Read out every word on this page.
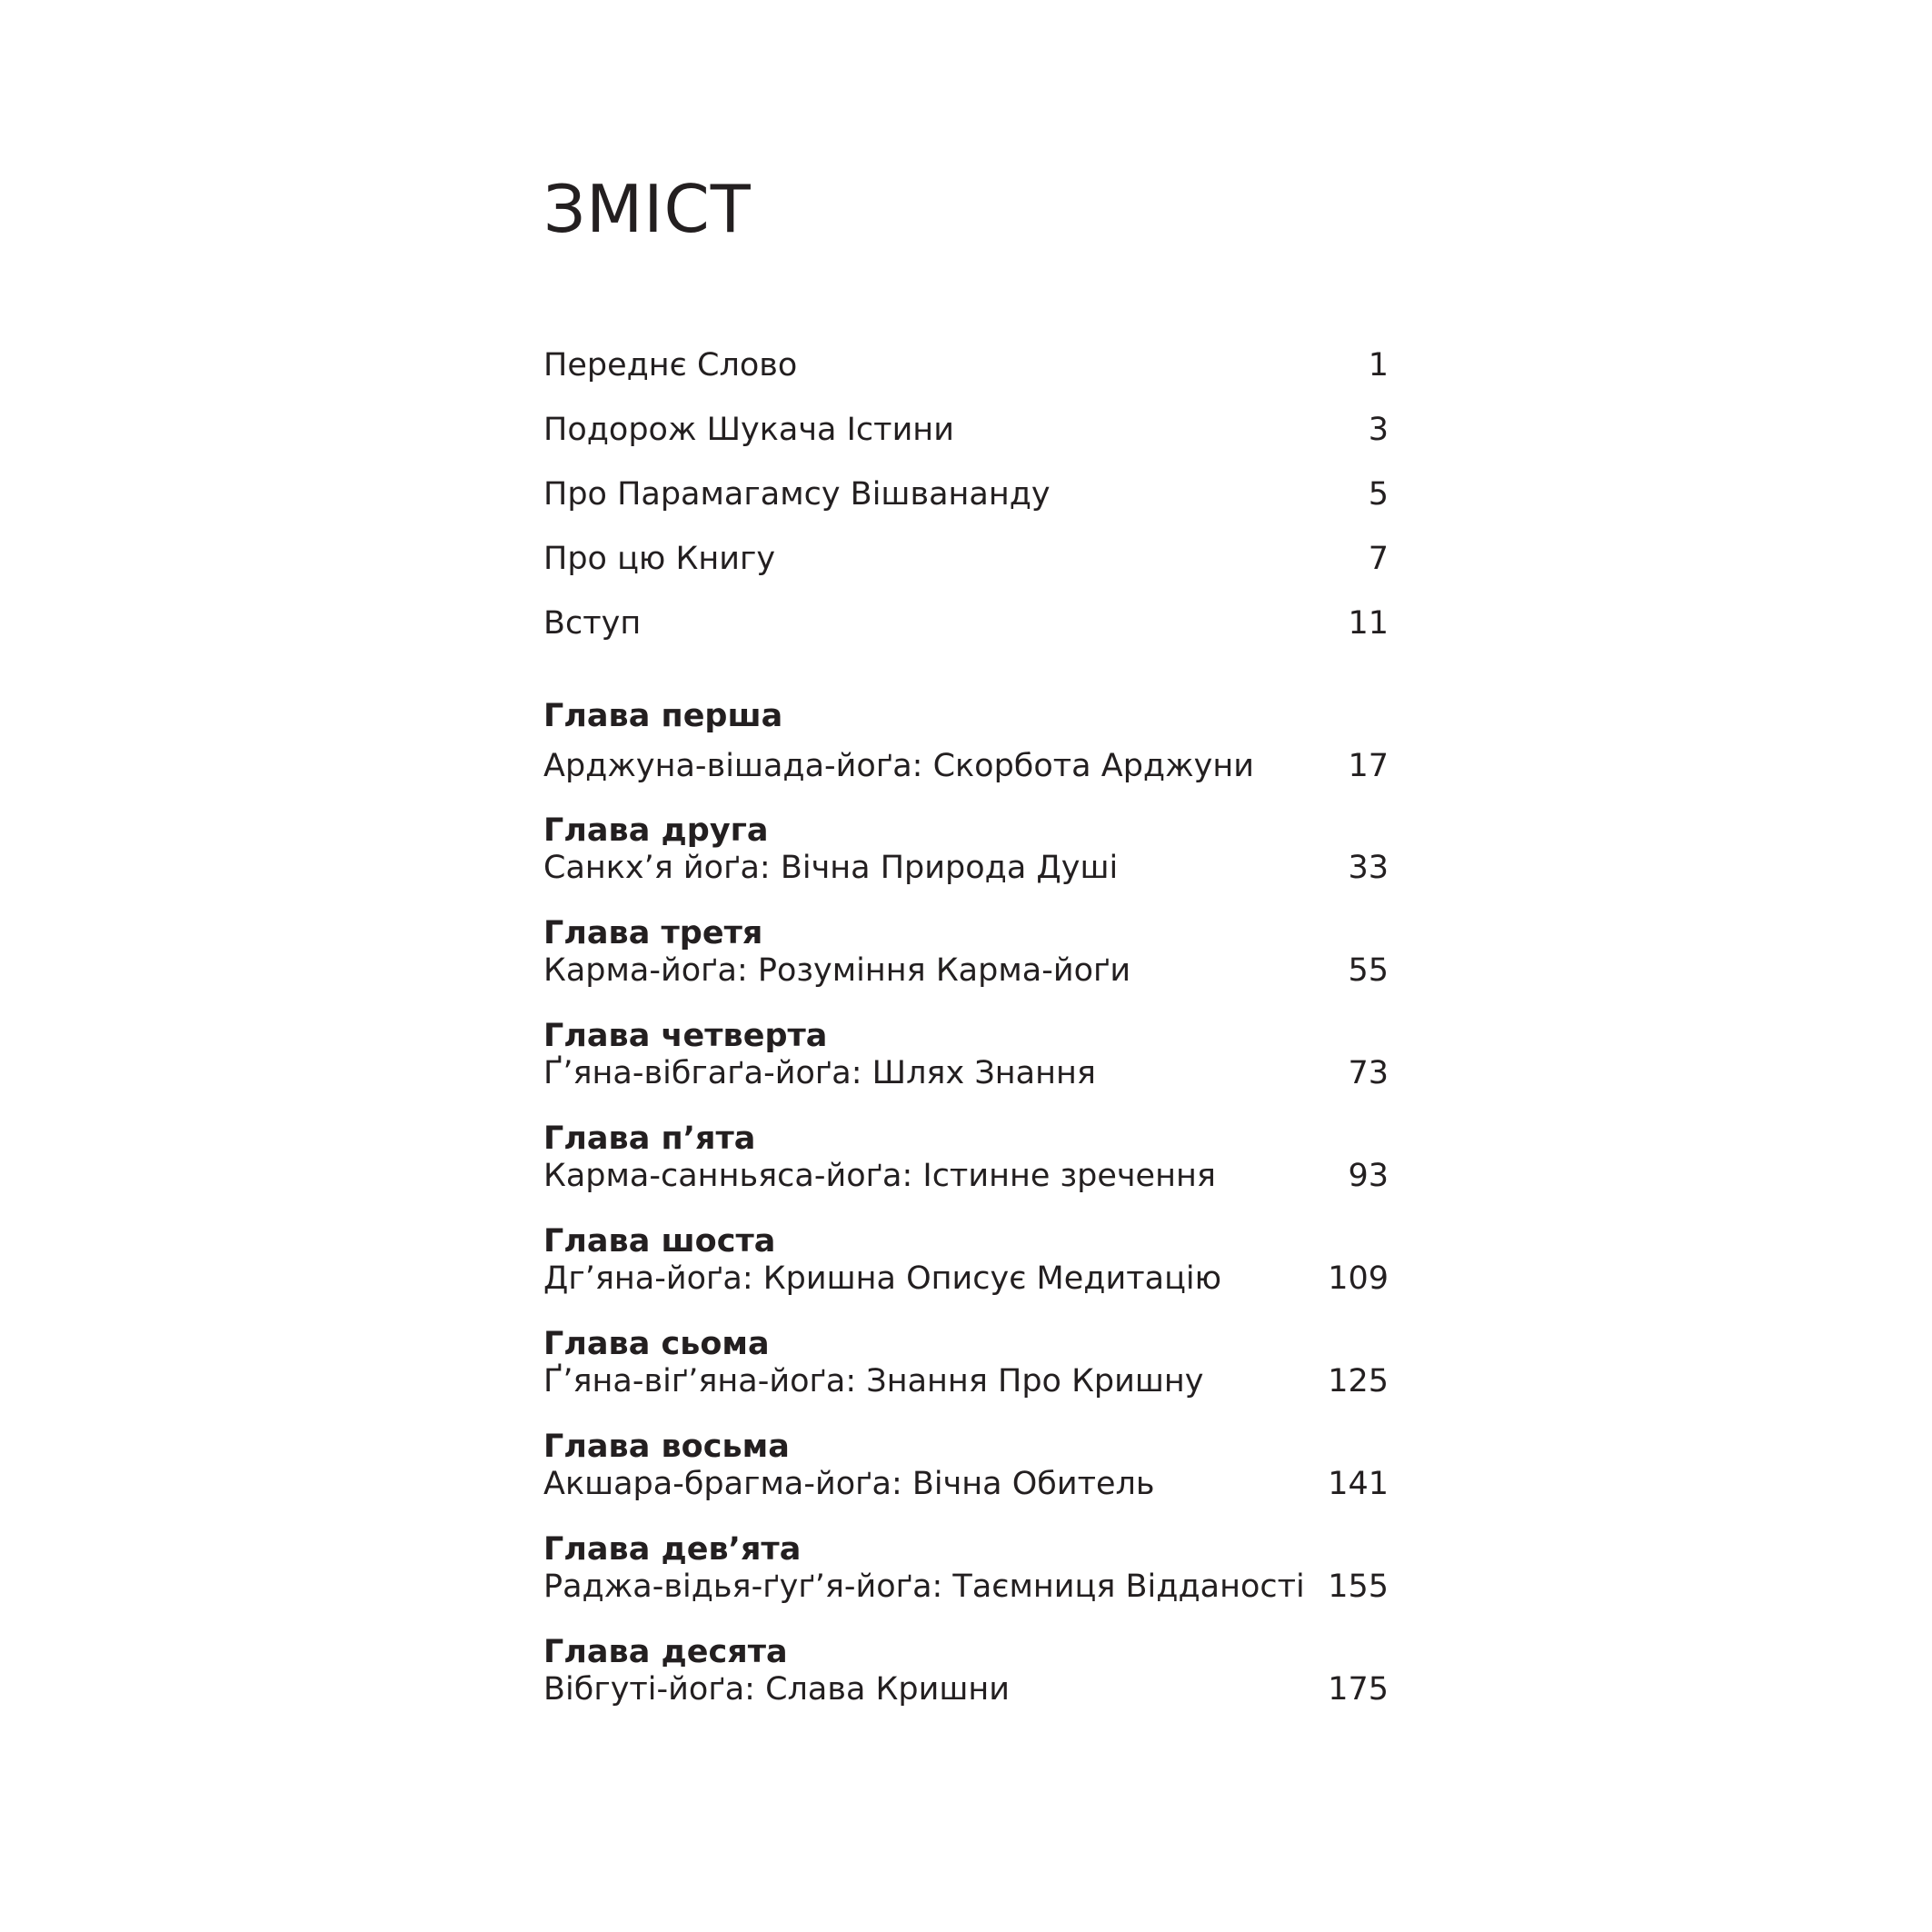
ЗМІСТ
Переднє Слово	1
Подорож Шукача Істини	3
Про Парамагамсу Вішвананду	5
Про цю Книгу	7
Вступ	11
Глава перша
Арджуна-вішада-йоґа: Скорбота Арджуни	17
Глава друга
Санкх’я йоґа: Вічна Природа Душі	33
Глава третя
Карма-йоґа: Розуміння Карма-йоґи	55
Глава четверта
Ґ’яна-вібгаґа-йоґа: Шлях Знання	73
Глава п’ята
Карма-санньяса-йоґа: Істинне зречення	93
Глава шоста
Дг’яна-йоґа: Кришна Описує Медитацію	109
Глава сьома
Ґ’яна-віґ’яна-йоґа: Знання Про Кришну	125
Глава восьма
Акшара-брагма-йоґа: Вічна Обитель	141
Глава дев’ята
Раджа-відья-ґуґ’я-йоґа: Таємниця Відданості 155
Глава десята
Вібгуті-йоґа: Слава Кришни	175
